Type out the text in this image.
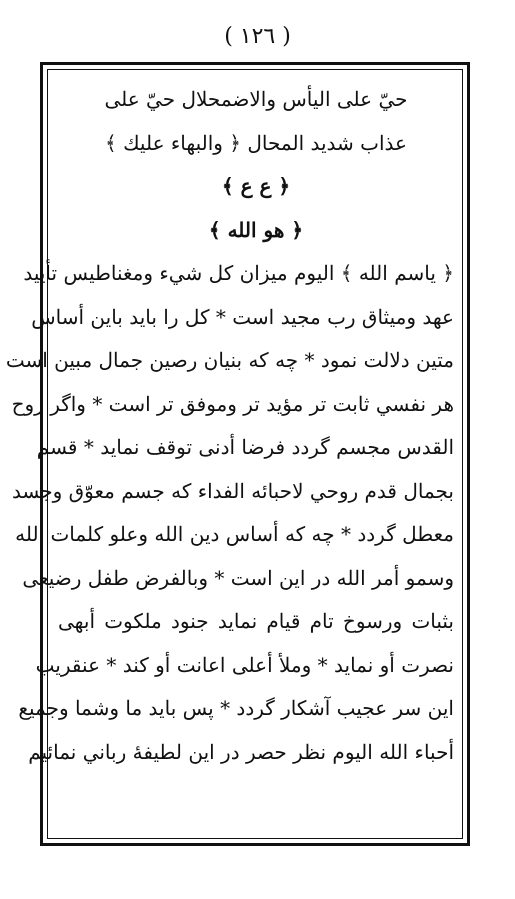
( ١٢٦ )
حيّ على اليأس والاضمحلال حيّ على
عذاب شديد المحال ﴿ والبهاء عليك ﴾
﴿ ع ع ﴾
﴿ هو الله ﴾
﴿ ياسم الله ﴾ اليوم ميزان كل شيء ومغناطيس تأييد
عهد وميثاق رب مجيد است * كل را بايد باين أساس
متين دلالت نمود * چه كه بنيان رصين جمال مبين است
هر نفسي ثابت تر مؤيد تر وموفق تر است * واگر روح
القدس مجسم گردد فرضا أدنى توقف نمايد * قسم
بجمال قدم روحي لاحبائه الفداء كه جسم معوّق وجسد
معطل گردد * چه كه أساس دين الله وعلو كلمات الله
وسمو أمر الله در اين است * وبالفرض طفل رضيعى
بثبات ورسوخ تام قيام نمايد جنود ملكوت أبهى
نصرت أو نمايد * وملأ أعلى اعانت أو كند * عنقريب
اين سر عجيب آشكار گردد * پس بايد ما وشما وجميع
أحباء الله اليوم نظر حصر در اين لطيفهٔ رباني نمائيم
